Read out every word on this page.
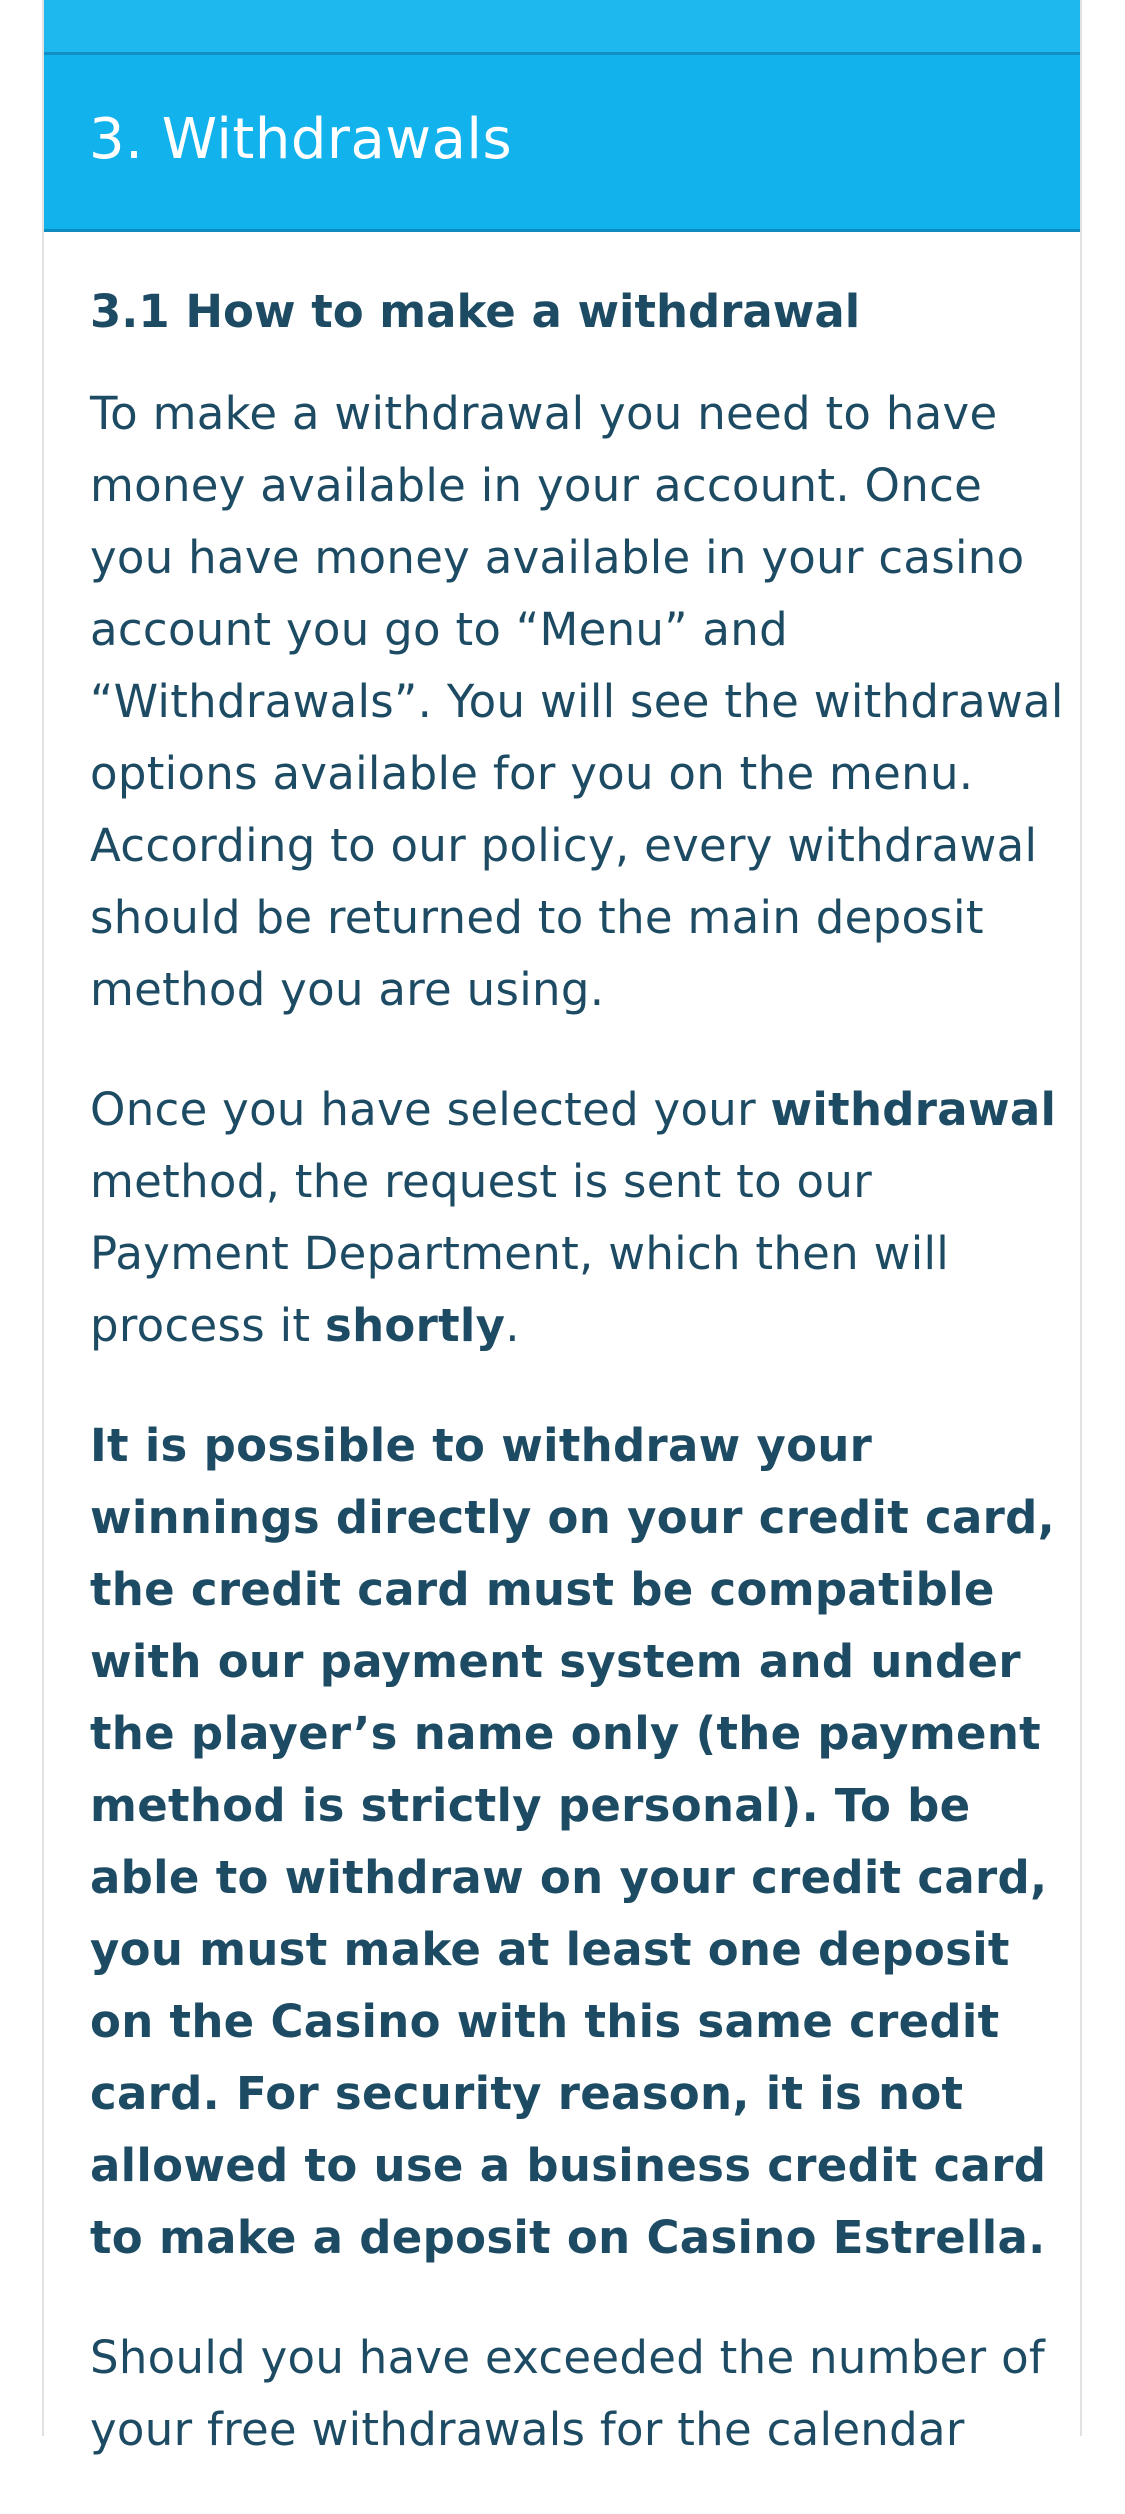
3. Withdrawals
3.1 How to make a withdrawal

To make a withdrawal you need to have money available in your account. Once you have money available in your casino account you go to “Menu” and “Withdrawals”. You will see the withdrawal options available for you on the menu. According to our policy, every withdrawal should be returned to the main deposit method you are using.

Once you have selected your withdrawal method, the request is sent to our Payment Department, which then will process it shortly.

It is possible to withdraw your winnings directly on your credit card, the credit card must be compatible with our payment system and under the player’s name only (the payment method is strictly personal). To be able to withdraw on your credit card, you must make at least one deposit on the Casino with this same credit card. For security reason, it is not allowed to use a business credit card to make a deposit on Casino Estrella.

Should you have exceeded the number of your free withdrawals for the calendar
